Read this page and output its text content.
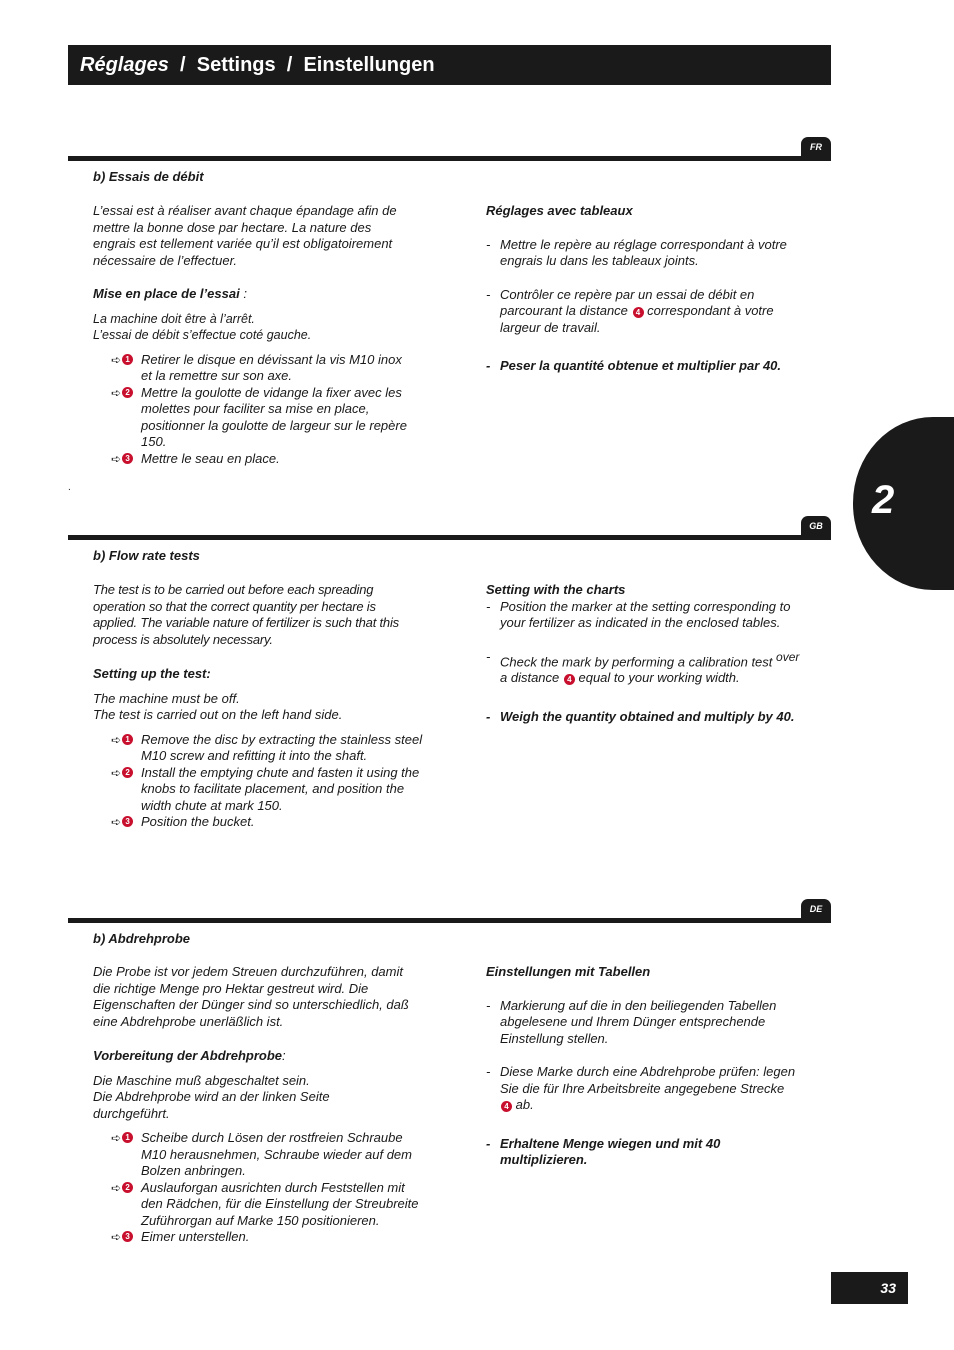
Réglages / Settings / Einstellungen
2
FR
b) Essais de débit

L’essai est à réaliser avant chaque épandage afin de mettre la bonne dose par hectare. La nature des engrais est tellement variée qu’il est obligatoirement nécessaire de l’effectuer.

Mise en place de l’essai :

La machine doit être à l’arrêt.

L’essai de débit s’effectue coté gauche.

➪ 1 Retirer le disque en dévissant la vis M10 inox et la remettre sur son axe.
➪ 2 Mettre la goulotte de vidange la fixer avec les molettes pour faciliter sa mise en place, positionner la goulotte de largeur sur le repère 150.
➪ 3 Mettre le seau en place.

Réglages avec tableaux

- Mettre le repère au réglage correspondant à votre engrais lu dans les tableaux joints.
- Contrôler ce repère par un essai de débit en parcourant la distance 4 correspondant à votre largeur de travail.
- Peser la quantité obtenue et multiplier par 40.
.
GB
b) Flow rate tests

The test is to be carried out before each spreading operation so that the correct quantity per hectare is applied. The variable nature of fertilizer is such that this process is absolutely necessary.

Setting up the test:

The machine must be off.

The test is carried out on the left hand side.

➪ 1 Remove the disc by extracting the stainless steel M10 screw and refitting it into the shaft.
➪ 2 Install the emptying chute and fasten it using the knobs to facilitate placement, and position the width chute at mark 150.
➪ 3 Position the bucket.

Setting with the charts

- Position the marker at the setting corresponding to your fertilizer as indicated in the enclosed tables.
- Check the mark by performing a calibration test $^{over}$
a distance 4 equal to your working width.
- Weigh the quantity obtained and multiply by 40.
DE
b) Abdrehprobe

Die Probe ist vor jedem Streuen durchzuführen, damit die richtige Menge pro Hektar gestreut wird. Die Eigenschaften der Dünger sind so unterschiedlich, daß eine Abdrehprobe unerläßlich ist.

Vorbereitung der Abdrehprobe:

Die Maschine muß abgeschaltet sein.

Die Abdrehprobe wird an der linken Seite durchgeführt.

➪ 1 Scheibe durch Lösen der rostfreien Schraube M10 herausnehmen, Schraube wieder auf dem Bolzen anbringen.
➪ 2 Auslauforgan ausrichten durch Feststellen mit den Rädchen, für die Einstellung der Streubreite Zuführorgan auf Marke 150 positionieren.
➪ 3 Eimer unterstellen.

Einstellungen mit Tabellen

- Markierung auf die in den beiliegenden Tabellen abgelesene und Ihrem Dünger entsprechende Einstellung stellen.
- Diese Marke durch eine Abdrehprobe prüfen: legen Sie die für Ihre Arbeitsbreite angegebene Strecke 4 ab.
- Erhaltene Menge wiegen und mit 40 multiplizieren.
33
